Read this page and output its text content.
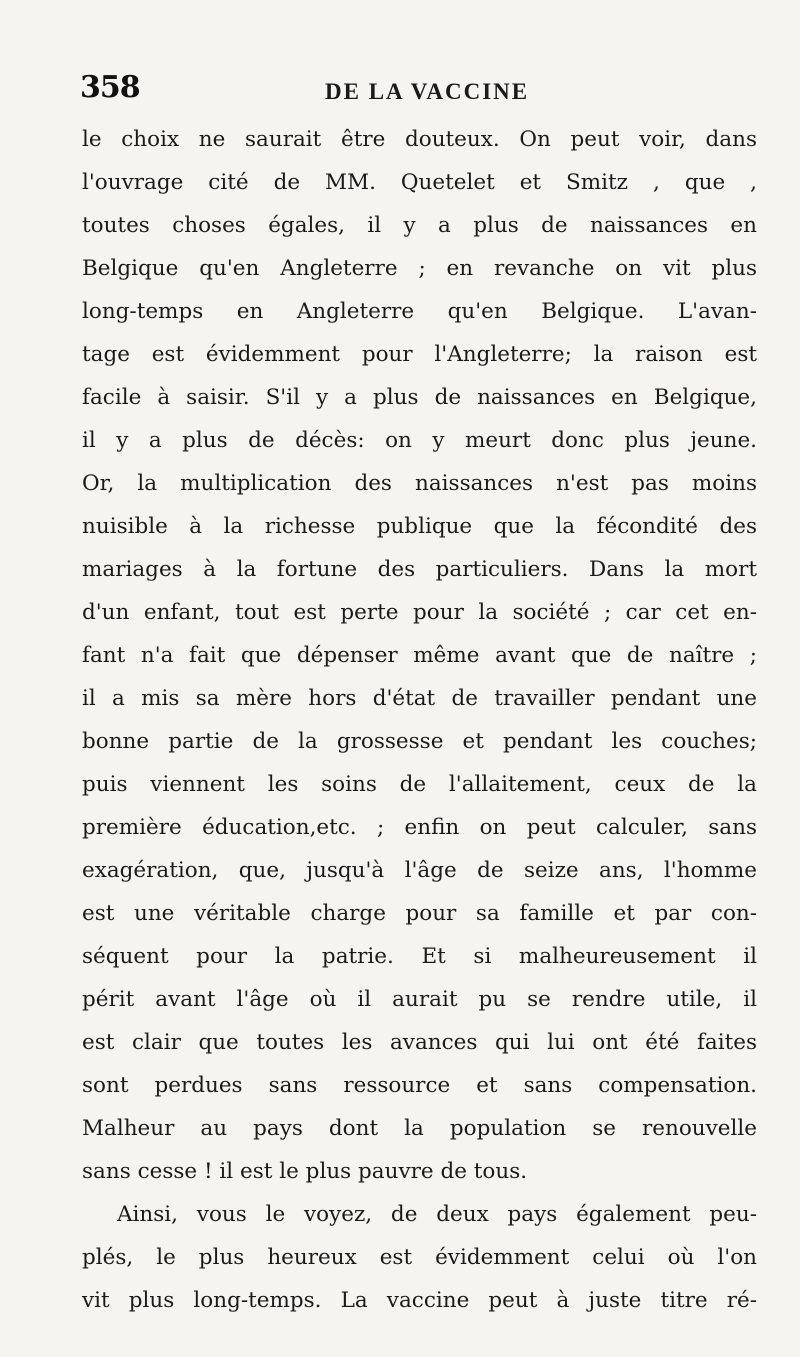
358	DE LA VACCINE
le choix ne saurait être douteux. On peut voir, dans
l'ouvrage cité de MM. Quetelet et Smitz , que ,
toutes choses égales, il y a plus de naissances en
Belgique qu'en Angleterre ; en revanche on vit plus
long-temps en Angleterre qu'en Belgique. L'avan-
tage est évidemment pour l'Angleterre; la raison est
facile à saisir. S'il y a plus de naissances en Belgique,
il y a plus de décès: on y meurt donc plus jeune.
Or, la multiplication des naissances n'est pas moins
nuisible à la richesse publique que la fécondité des
mariages à la fortune des particuliers. Dans la mort
d'un enfant, tout est perte pour la société ; car cet en-
fant n'a fait que dépenser même avant que de naître ;
il a mis sa mère hors d'état de travailler pendant une
bonne partie de la grossesse et pendant les couches;
puis viennent les soins de l'allaitement, ceux de la
première éducation,etc. ; enfin on peut calculer, sans
exagération, que, jusqu'à l'âge de seize ans, l'homme
est une véritable charge pour sa famille et par con-
séquent pour la patrie. Et si malheureusement il
périt avant l'âge où il aurait pu se rendre utile, il
est clair que toutes les avances qui lui ont été faites
sont perdues sans ressource et sans compensation.
Malheur au pays dont la population se renouvelle
sans cesse ! il est le plus pauvre de tous.
Ainsi, vous le voyez, de deux pays également peu-
plés, le plus heureux est évidemment celui où l'on
vit plus long-temps. La vaccine peut à juste titre ré-
